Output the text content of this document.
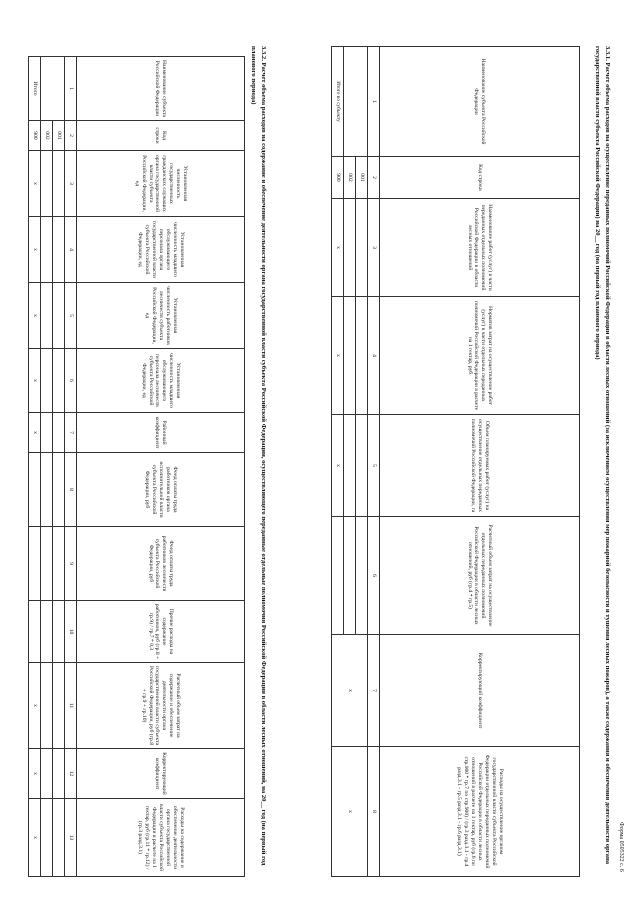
Форма 0505322 с. 6
3.3.1. Расчет объема расходов на осуществление переданных полномочий Российской Федерации в области лесных отношений (за исключением осуществления мер пожарной безопасности и тушения лесных пожаров), а также содержания и обеспечения деятельности органа государственной власти субъекта Российской Федерации) на 20__ год (на первый год планового периода)
Наименование субъекта Российской Федерации	Код строки	Наименование работ (услуг) в части переданных отдельных полномочий Российской Федерации в области лесных отношений	Норматив затрат на осуществление работ (услуг) в части отдельных переданных полномочий Российской Федерации в расчете на 1 гектар, руб	Объем планируемых работ (услуг) на осуществление отдельных переданных полномочий Российской Федерации, га	Расчетный объем затрат на осуществление отдельных переданных полномочий Российской Федерации в области лесных отношений, руб (гр.4 * гр.5)	Корректирующий коэффициент	Расходы на осуществление органом государственной власти субъекта Российской Федерации отдельных переданных полномочий Российской Федерации в области лесных отношений в расчете на 1 гектар, руб (гр.6 по стр.900 * гр.7 по стр.900) / (гр.3 разд.3.1 - гр.4 разд.3.1 - гр.5 разд.3.1 - гр.6 разд.3.1)
1	2	3	4	5	6	7	8
	001					x	x
	002						
Итого по субъекту	900	x	x	x			
3.3.2. Расчет объема расходов на содержание и обеспечение деятельности органа государственной власти субъекта Российской Федерации, осуществляющего переданные отдельные полномочия Российской Федерации в области лесных отношений, на 20__ год (на первый год планового периода)
Наименование субъекта Российской Федерации	Код строки	Установленная численность государственных гражданских служащих органа государственной власти субъекта Российской Федерации, ед	Установленная численность младшего обслуживающего персонала органа государственной власти субъекта Российской Федерации, ед	Установленная численность работников лесничеств субъекта Российской Федерации, ед	Установленная численность младшего обслуживающего персонала лесничеств субъекта Российской Федерации, ед	Районный коэффициент	Фонд оплаты труда работников органа исполнительной власти субъекта Российской Федерации, руб	Фонд оплаты труда работников лесничеств субъекта Российской Федерации, руб	Прочие расходы на содержание работников, руб (гр.8 + гр.9) / гр.7 * 0,3	Расчетный объем затрат на содержание и обеспечение деятельности органа государственной власти субъекта Российской Федерации, руб (гр.8 + гр.9 + гр.10)	Корректирующий коэффициент	Расходы на содержание и обеспечение деятельности органа государственной власти субъекта Российской Федерации в расчете на 1 гектар, руб (гр.11 * гр.12) / (гр.3 разд.3.1)
1	2	3	4	5	6	7	8	9	10	11	12	13
	001											
	002											
Итого	900	x	x	x	x	x				x	x	x
